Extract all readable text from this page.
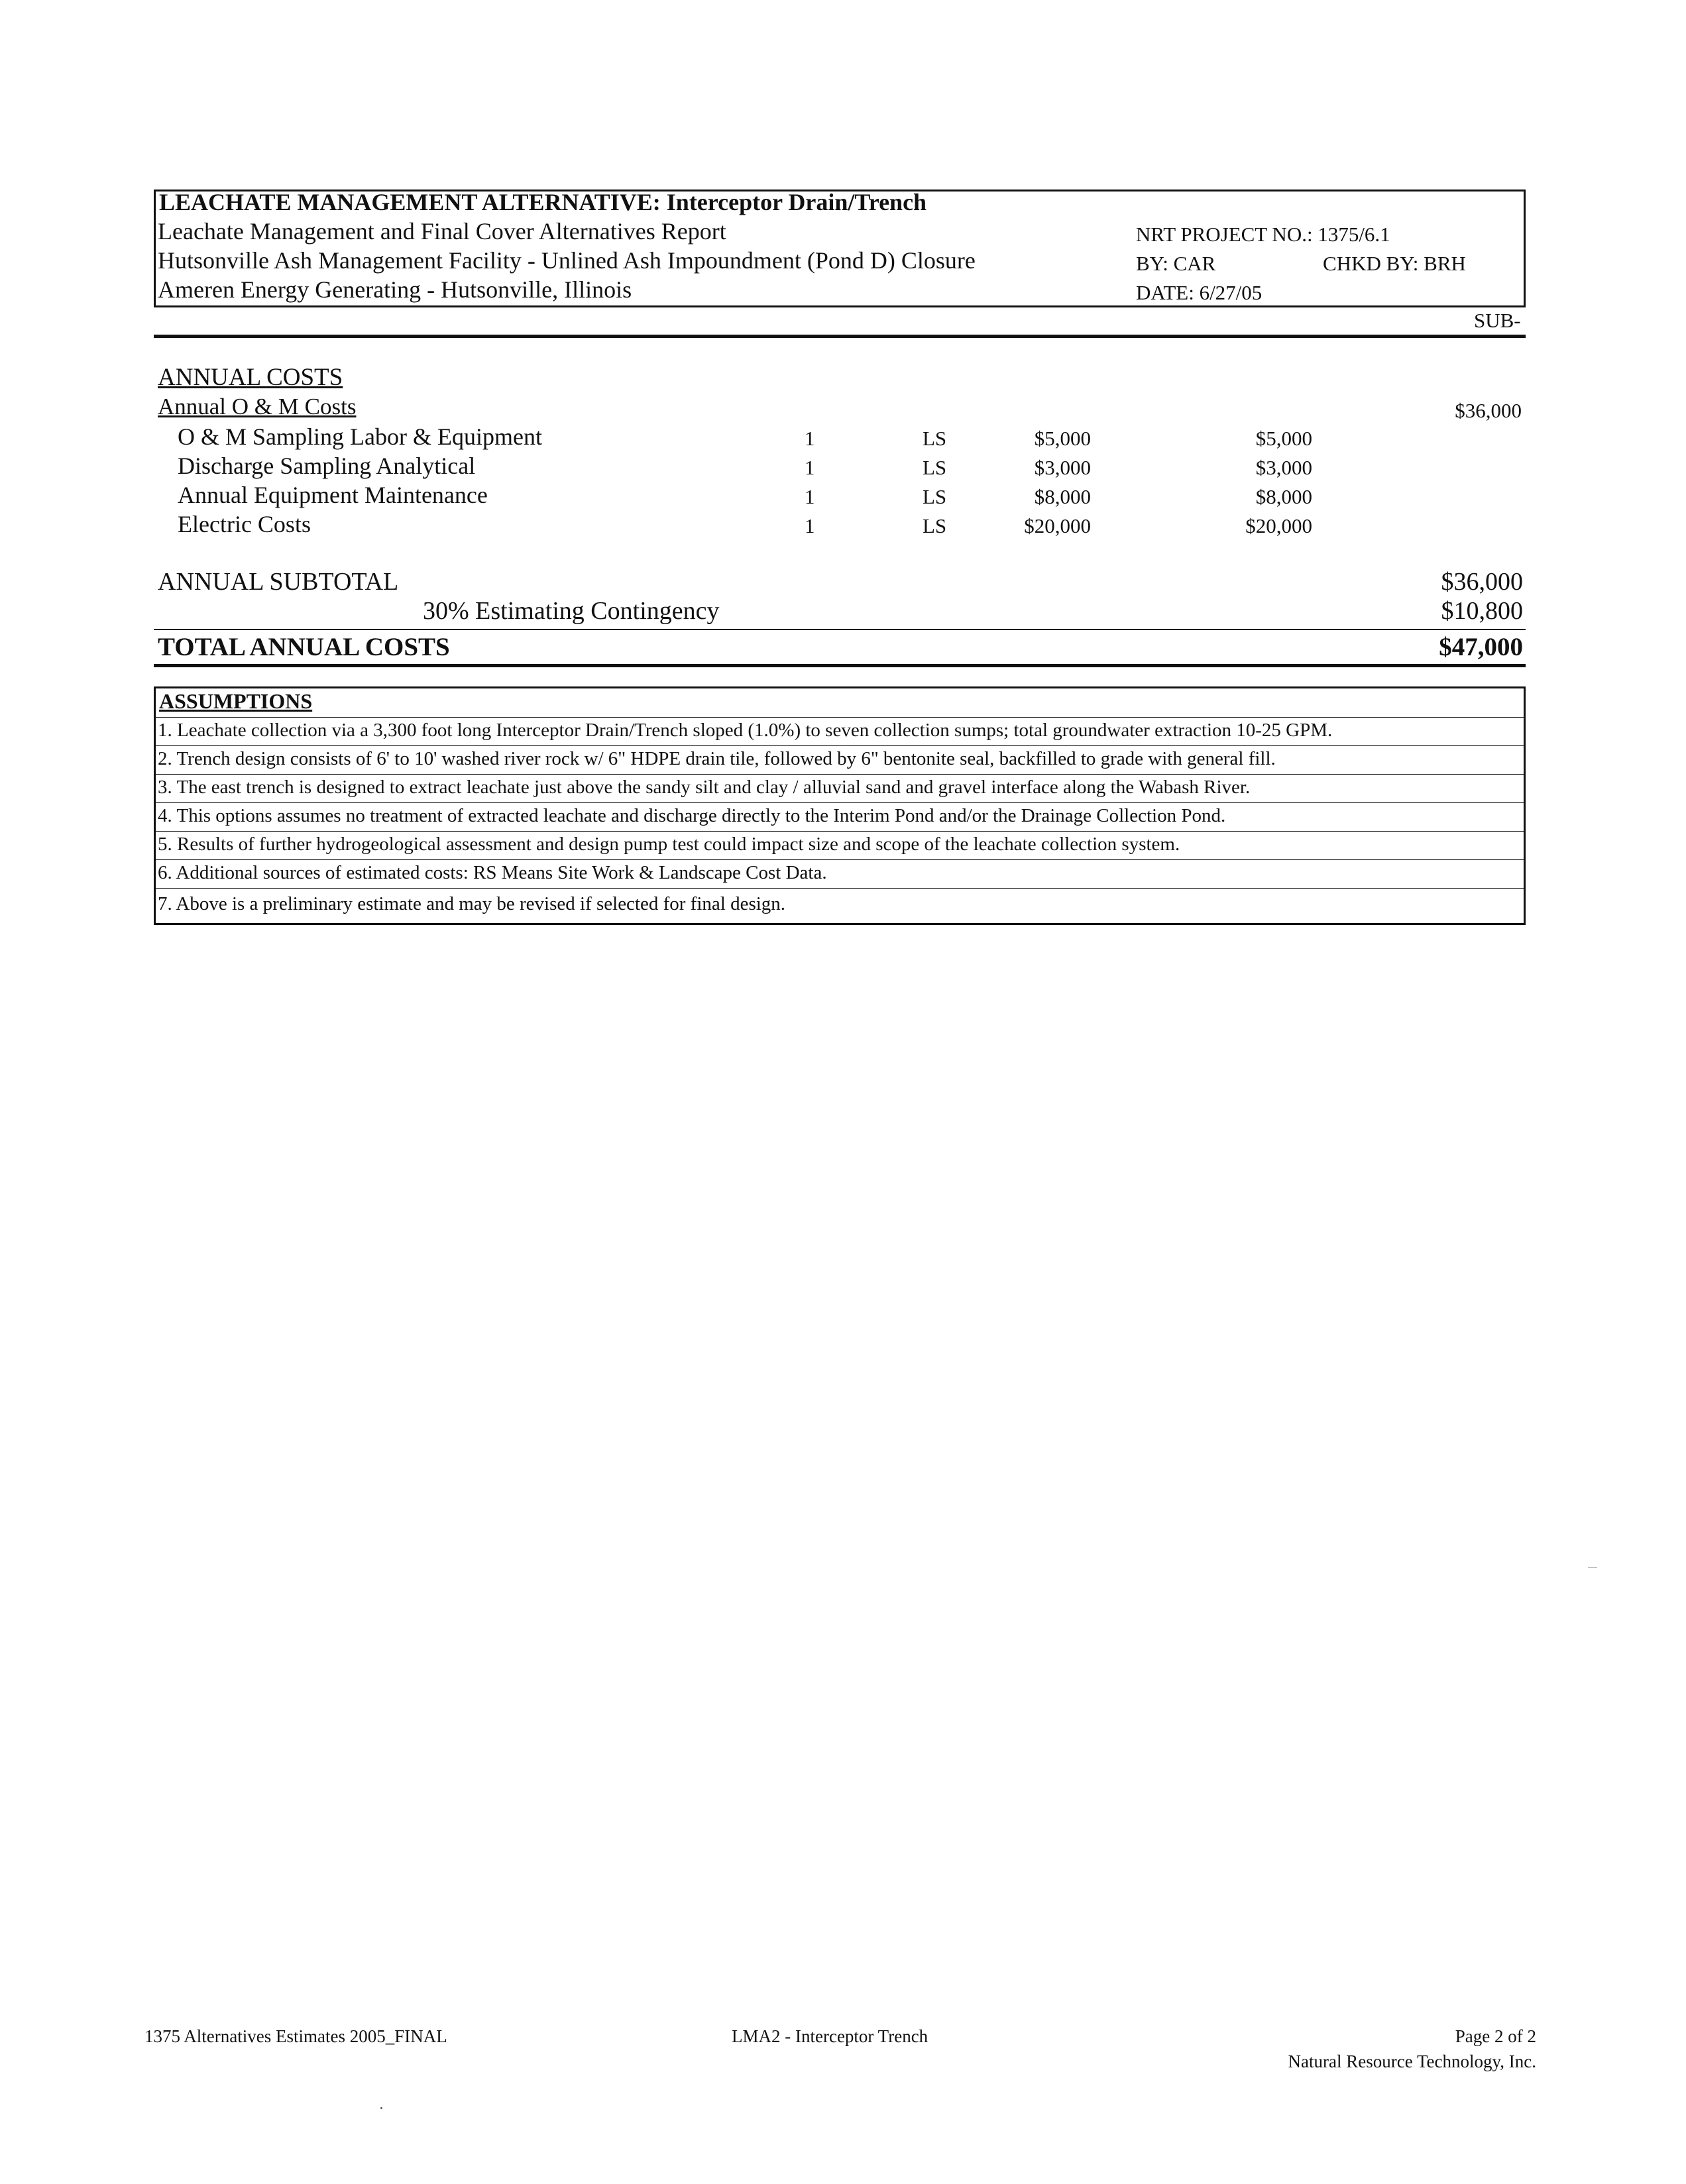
LEACHATE MANAGEMENT ALTERNATIVE: Interceptor Drain/Trench
Leachate Management and Final Cover Alternatives Report
Hutsonville Ash Management Facility - Unlined Ash Impoundment (Pond D) Closure
Ameren Energy Generating - Hutsonville, Illinois
NRT PROJECT NO.: 1375/6.1
BY: CAR	CHKD BY: BRH
DATE: 6/27/05
SUB-
ANNUAL COSTS
Annual O & M Costs	$36,000
O & M Sampling Labor & Equipment	1	LS	$5,000	$5,000
Discharge Sampling Analytical	1	LS	$3,000	$3,000
Annual Equipment Maintenance	1	LS	$8,000	$8,000
Electric Costs	1	LS	$20,000	$20,000
ANNUAL SUBTOTAL	$36,000
30% Estimating Contingency	$10,800
TOTAL ANNUAL COSTS	$47,000
ASSUMPTIONS
1. Leachate collection via a 3,300 foot long Interceptor Drain/Trench sloped (1.0%) to seven collection sumps; total groundwater extraction 10-25 GPM.
2. Trench design consists of 6' to 10' washed river rock w/ 6" HDPE drain tile, followed by 6" bentonite seal, backfilled to grade with general fill.
3. The east trench is designed to extract leachate just above the sandy silt and clay / alluvial sand and gravel interface along the Wabash River.
4. This options assumes no treatment of extracted leachate and discharge directly to the Interim Pond and/or the Drainage Collection Pond.
5. Results of further hydrogeological assessment and design pump test could impact size and scope of the leachate collection system.
6. Additional sources of estimated costs: RS Means Site Work & Landscape Cost Data.
7. Above is a preliminary estimate and may be revised if selected for final design.
1375 Alternatives Estimates 2005_FINAL	LMA2 - Interceptor Trench	Page 2 of 2
Natural Resource Technology, Inc.
